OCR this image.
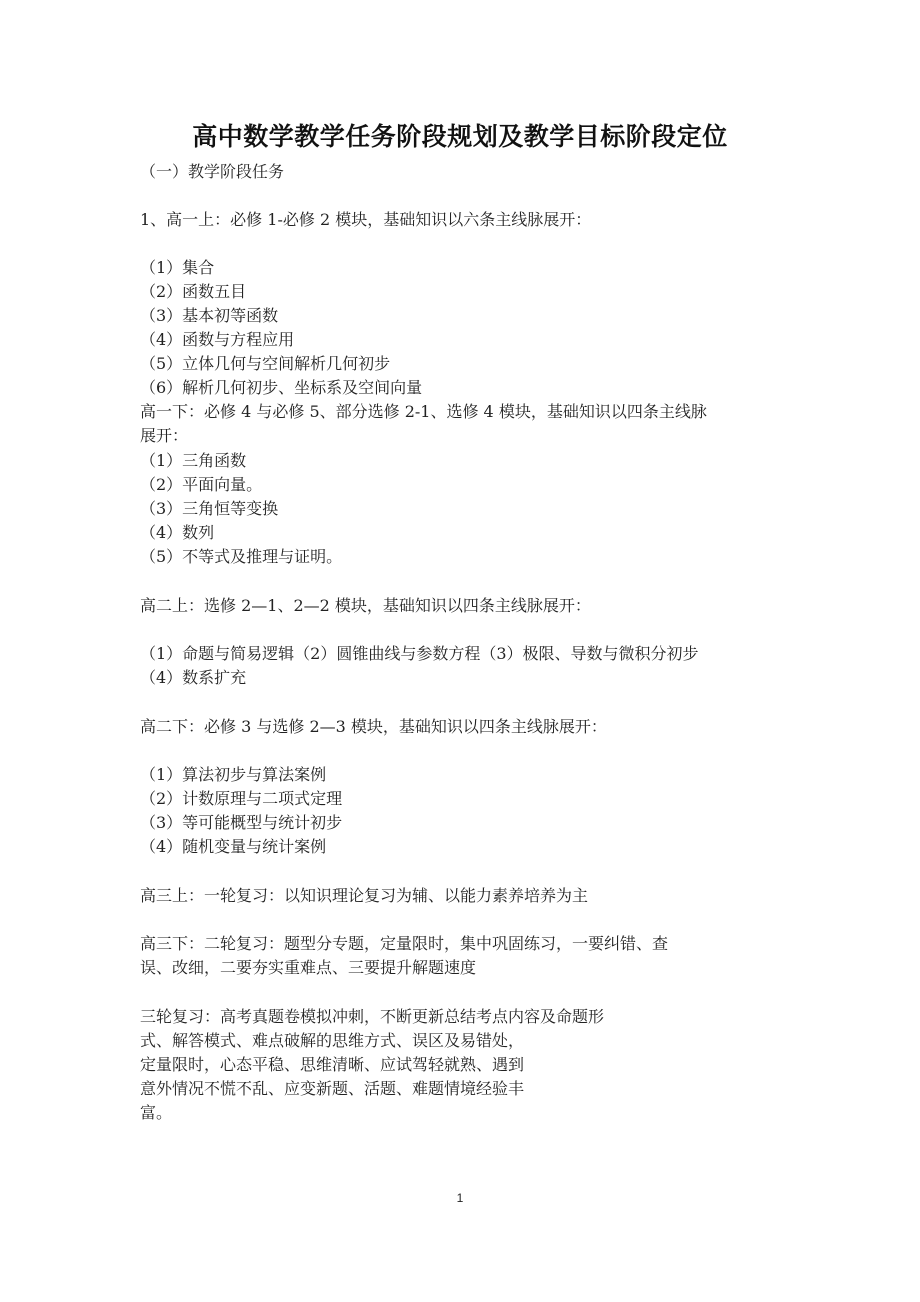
高中数学教学任务阶段规划及教学目标阶段定位
（一）教学阶段任务
1、高一上：必修 1-必修 2 模块，基础知识以六条主线脉展开：
（1）集合
（2）函数五目
（3）基本初等函数
（4）函数与方程应用
（5）立体几何与空间解析几何初步
（6）解析几何初步、坐标系及空间向量
高一下：必修 4 与必修 5、部分选修 2-1、选修 4 模块，基础知识以四条主线脉
展开：
（1）三角函数
（2）平面向量。
（3）三角恒等变换
（4）数列
（5）不等式及推理与证明。
高二上：选修 2—1、2—2 模块，基础知识以四条主线脉展开：
（1）命题与简易逻辑（2）圆锥曲线与参数方程（3）极限、导数与微积分初步
（4）数系扩充
高二下：必修 3 与选修 2—3 模块，基础知识以四条主线脉展开：
（1）算法初步与算法案例
（2）计数原理与二项式定理
（3）等可能概型与统计初步
（4）随机变量与统计案例
高三上：一轮复习：以知识理论复习为辅、以能力素养培养为主
高三下：二轮复习：题型分专题，定量限时，集中巩固练习，一要纠错、查
误、改细，二要夯实重难点、三要提升解题速度
三轮复习：高考真题卷模拟冲刺，不断更新总结考点内容及命题形
式、解答模式、难点破解的思维方式、误区及易错处，
定量限时，心态平稳、思维清晰、应试驾轻就熟、遇到
意外情况不慌不乱、应变新题、活题、难题情境经验丰
富。
1
